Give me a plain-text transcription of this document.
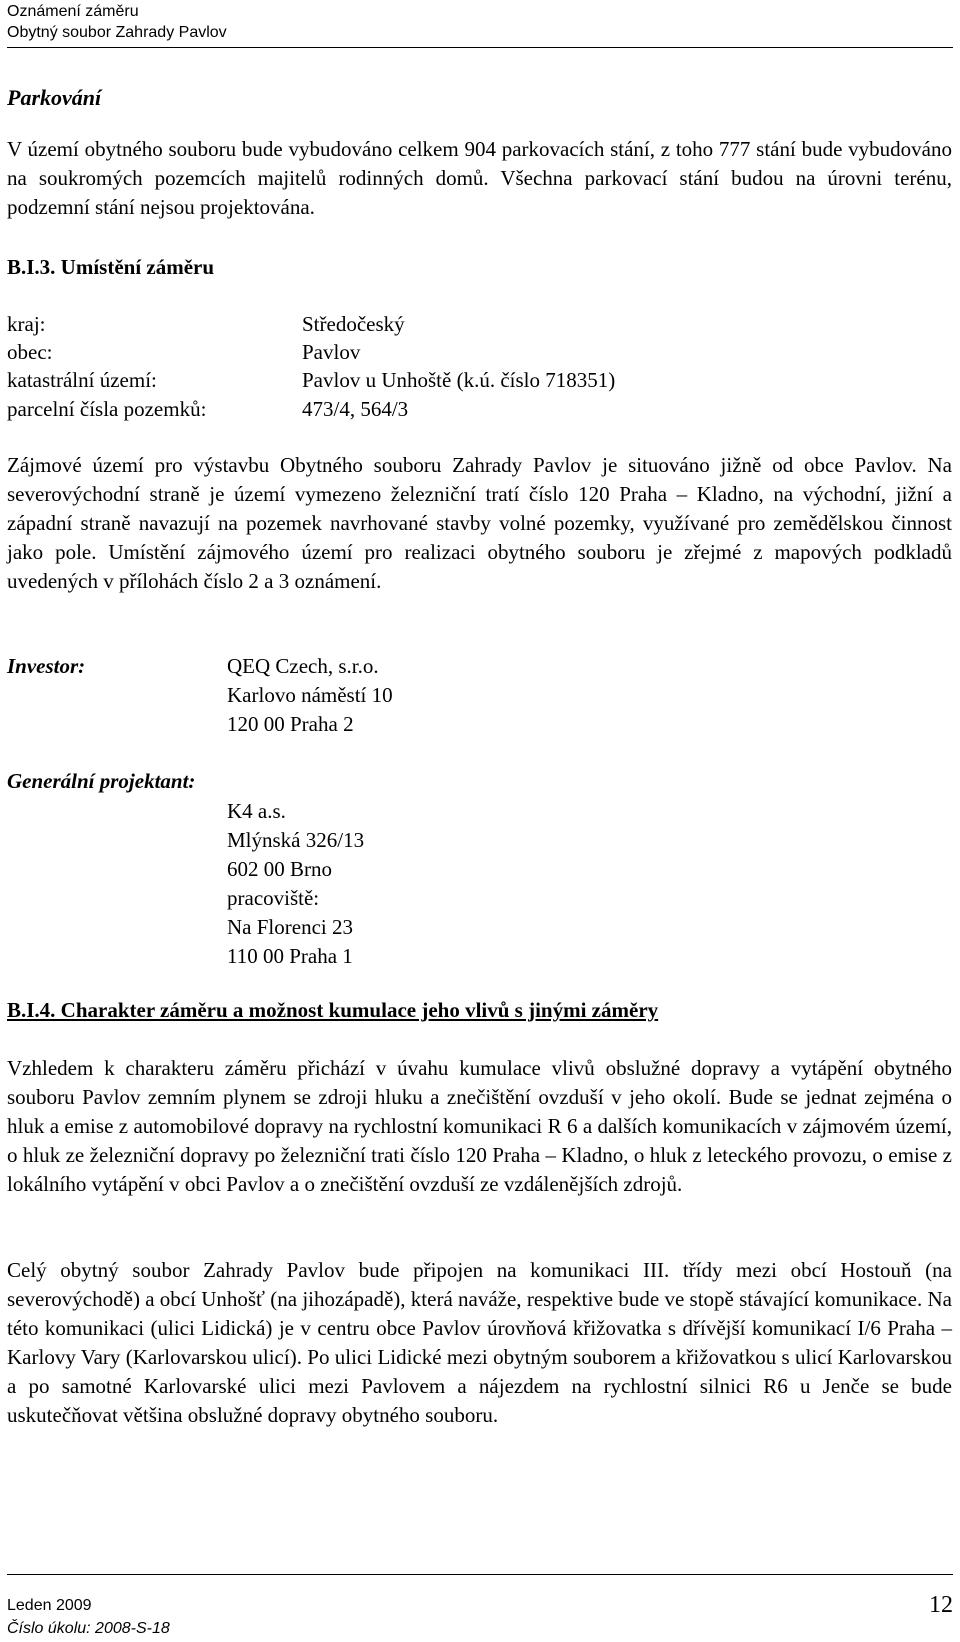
Oznámení záměru
Obytný soubor Zahrady Pavlov
Parkování

V území obytného souboru bude vybudováno celkem 904 parkovacích stání, z toho 777 stání bude vybudováno na soukromých pozemcích majitelů rodinných domů. Všechna parkovací stání budou na úrovni terénu, podzemní stání nejsou projektována.

B.I.3. Umístění záměru
kraj:	Středočeský
obec:	Pavlov
katastrální území:	Pavlov u Unhoště (k.ú. číslo 718351)
parcelní čísla pozemků:	473/4, 564/3

Zájmové území pro výstavbu Obytného souboru Zahrady Pavlov je situováno jižně od obce Pavlov. Na severovýchodní straně je území vymezeno železniční tratí číslo 120 Praha – Kladno, na východní, jižní a západní straně navazují na pozemek navrhované stavby volné pozemky, využívané pro zemědělskou činnost jako pole. Umístění zájmového území pro realizaci obytného souboru je zřejmé z mapových podkladů uvedených v přílohách číslo 2 a 3 oznámení.

Investor:	QEQ Czech, s.r.o.
Karlovo náměstí 10
120 00 Praha 2
Generální projektant:
K4 a.s.
Mlýnská 326/13
602 00 Brno
pracoviště:
Na Florenci 23
110 00 Praha 1
B.I.4. Charakter záměru a možnost kumulace jeho vlivů s jinými záměry

Vzhledem k charakteru záměru přichází v úvahu kumulace vlivů obslužné dopravy a vytápění obytného souboru Pavlov zemním plynem se zdroji hluku a znečištění ovzduší v jeho okolí. Bude se jednat zejména o hluk a emise z automobilové dopravy na rychlostní komunikaci R 6 a dalších komunikacích v zájmovém území, o hluk ze železniční dopravy po železniční trati číslo 120 Praha – Kladno, o hluk z leteckého provozu, o emise z lokálního vytápění v obci Pavlov a o znečištění ovzduší ze vzdálenějších zdrojů.

Celý obytný soubor Zahrady Pavlov bude připojen na komunikaci III. třídy mezi obcí Hostouň (na severovýchodě) a obcí Unhošť (na jihozápadě), která naváže, respektive bude ve stopě stávající komunikace. Na této komunikaci (ulici Lidická) je v centru obce Pavlov úrovňová křižovatka s dřívější komunikací I/6 Praha – Karlovy Vary (Karlovarskou ulicí). Po ulici Lidické mezi obytným souborem a křižovatkou s ulicí Karlovarskou a po samotné Karlovarské ulici mezi Pavlovem a nájezdem na rychlostní silnici R6 u Jenče se bude uskutečňovat většina obslužné dopravy obytného souboru.

Leden 2009
Číslo úkolu: 2008-S-18
12
